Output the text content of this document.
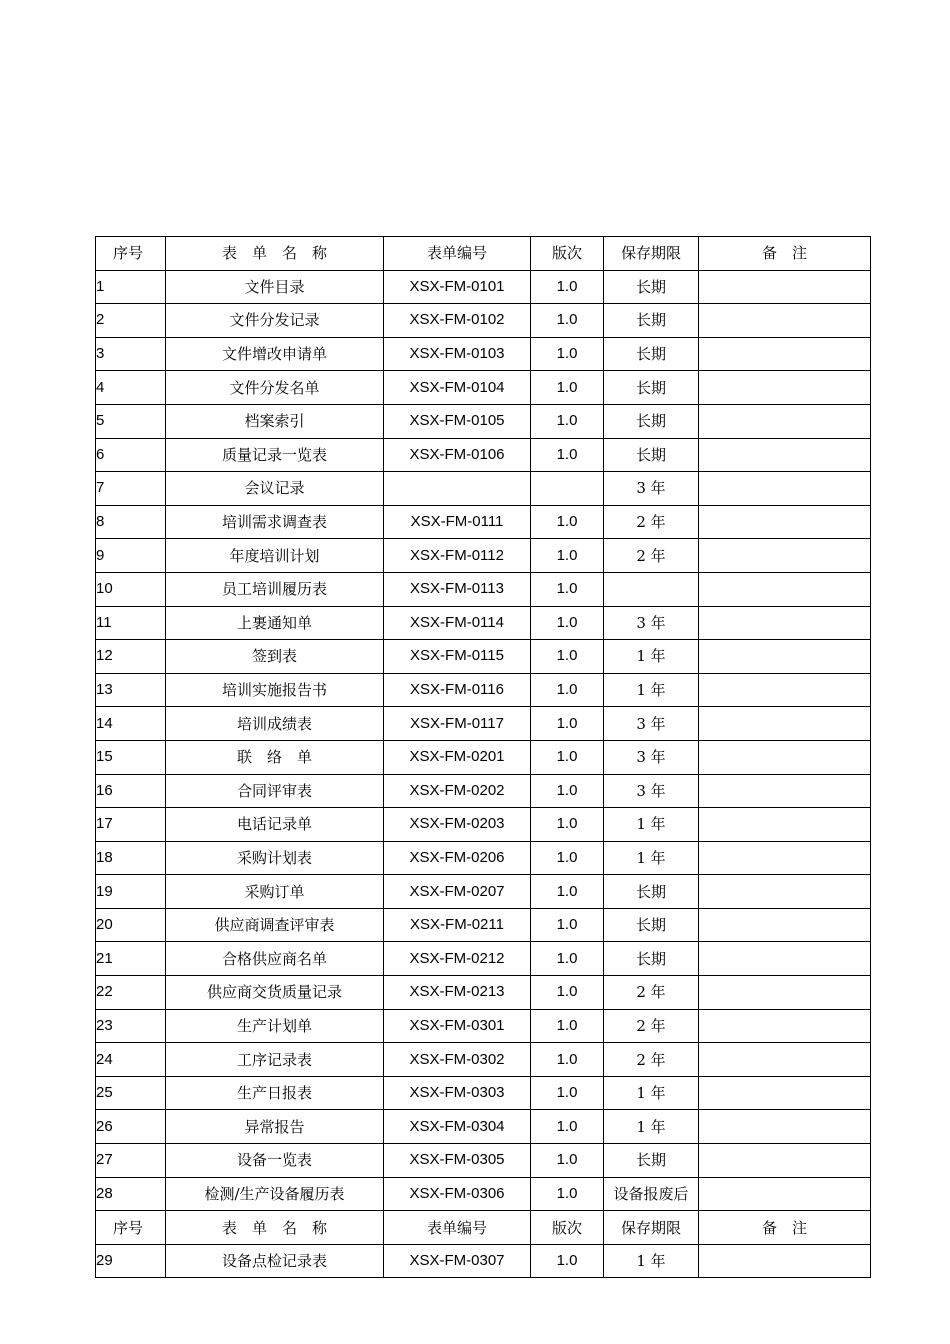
序号	表　单　名　称	表单编号	版次	保存期限	备　注
1	文件目录	XSX-FM-0101	1.0	长期	
2	文件分发记录	XSX-FM-0102	1.0	长期	
3	文件增改申请单	XSX-FM-0103	1.0	长期	
4	文件分发名单	XSX-FM-0104	1.0	长期	
5	档案索引	XSX-FM-0105	1.0	长期	
6	质量记录一览表	XSX-FM-0106	1.0	长期	
7	会议记录			3 年	
8	培训需求调查表	XSX-FM-0111	1.0	2 年	
9	年度培训计划	XSX-FM-0112	1.0	2 年	
10	员工培训履历表	XSX-FM-0113	1.0		
11	上裹通知单	XSX-FM-0114	1.0	3 年	
12	签到表	XSX-FM-0115	1.0	1 年	
13	培训实施报告书	XSX-FM-0116	1.0	1 年	
14	培训成绩表	XSX-FM-0117	1.0	3 年	
15	联　络　单	XSX-FM-0201	1.0	3 年	
16	合同评审表	XSX-FM-0202	1.0	3 年	
17	电话记录单	XSX-FM-0203	1.0	1 年	
18	采购计划表	XSX-FM-0206	1.0	1 年	
19	采购订单	XSX-FM-0207	1.0	长期	
20	供应商调查评审表	XSX-FM-0211	1.0	长期	
21	合格供应商名单	XSX-FM-0212	1.0	长期	
22	供应商交货质量记录	XSX-FM-0213	1.0	2 年	
23	生产计划单	XSX-FM-0301	1.0	2 年	
24	工序记录表	XSX-FM-0302	1.0	2 年	
25	生产日报表	XSX-FM-0303	1.0	1 年	
26	异常报告	XSX-FM-0304	1.0	1 年	
27	设备一览表	XSX-FM-0305	1.0	长期	
28	检测/生产设备履历表	XSX-FM-0306	1.0	设备报废后	
序号	表　单　名　称	表单编号	版次	保存期限	备　注
29	设备点检记录表	XSX-FM-0307	1.0	1 年	
